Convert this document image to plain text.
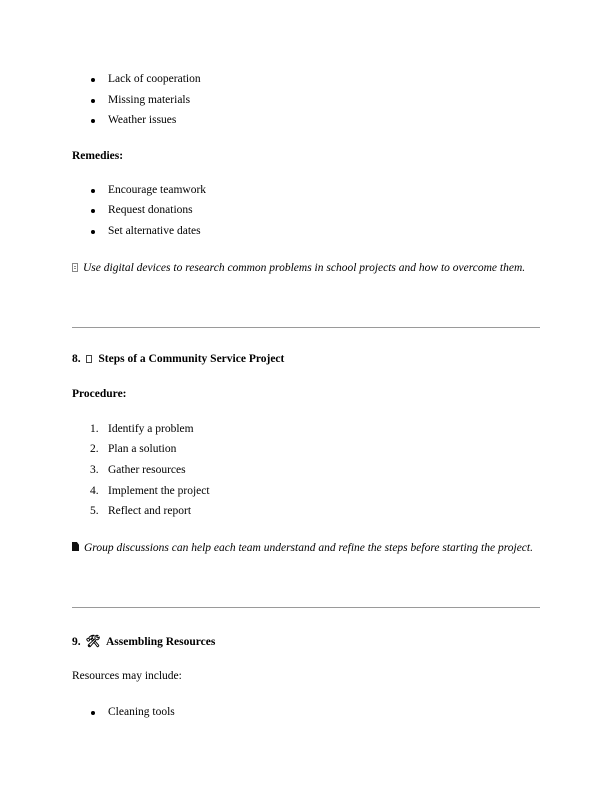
Lack of cooperation
Missing materials
Weather issues
Remedies:
Encourage teamwork
Request donations
Set alternative dates
Use digital devices to research common problems in school projects and how to overcome them.
8. Steps of a Community Service Project
Procedure:
1. Identify a problem
2. Plan a solution
3. Gather resources
4. Implement the project
5. Reflect and report
Group discussions can help each team understand and refine the steps before starting the project.
9. 🛠 Assembling Resources
Resources may include:
Cleaning tools
